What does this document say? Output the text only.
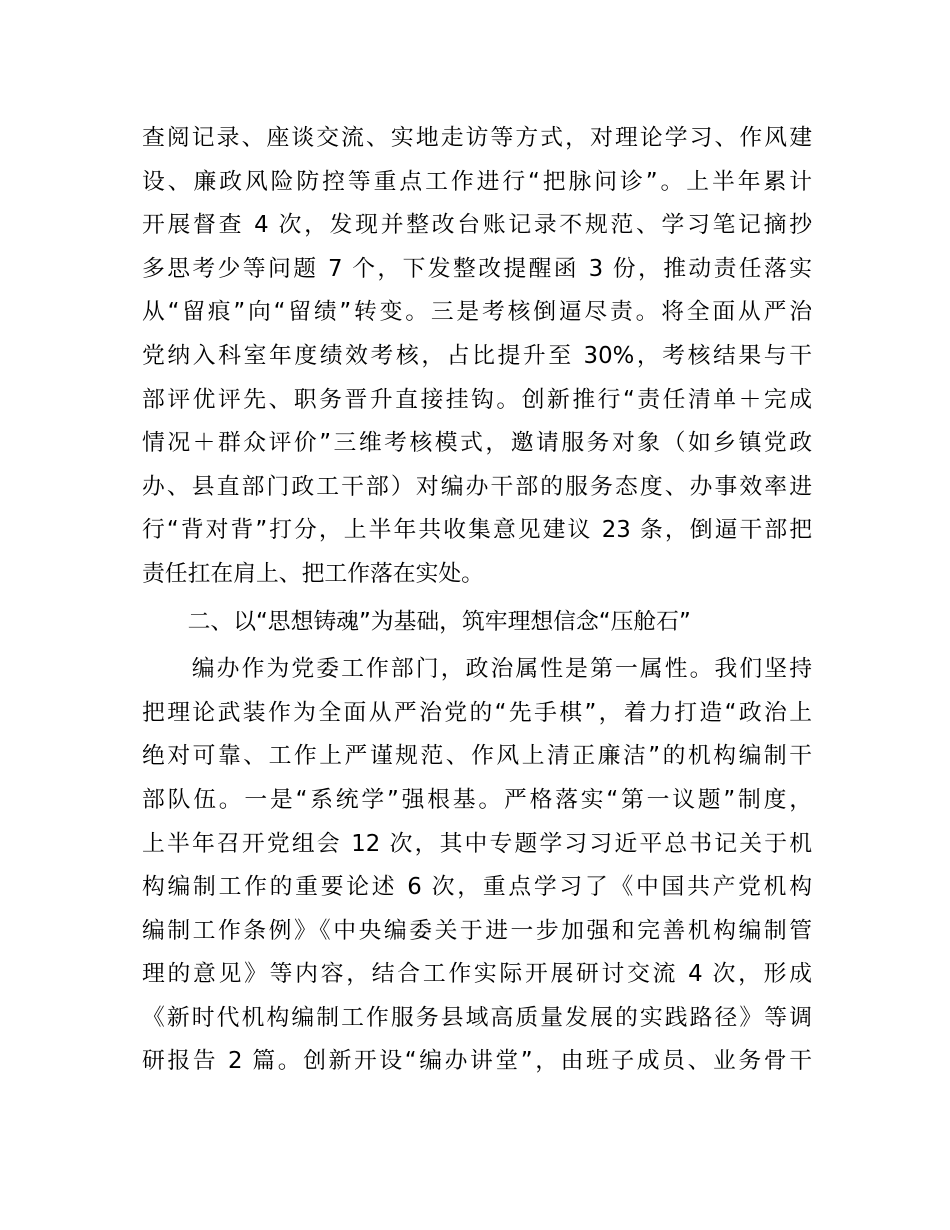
查阅记录、座谈交流、实地走访等方式，对理论学习、作风建
设、廉政风险防控等重点工作进行“把脉问诊”。上半年累计
开展督查 4 次，发现并整改台账记录不规范、学习笔记摘抄
多思考少等问题 7 个，下发整改提醒函 3 份，推动责任落实
从“留痕”向“留绩”转变。三是考核倒逼尽责。将全面从严治
党纳入科室年度绩效考核，占比提升至 30%，考核结果与干
部评优评先、职务晋升直接挂钩。创新推行“责任清单＋完成
情况＋群众评价”三维考核模式，邀请服务对象（如乡镇党政
办、县直部门政工干部）对编办干部的服务态度、办事效率进
行“背对背”打分，上半年共收集意见建议 23 条，倒逼干部把
责任扛在肩上、把工作落在实处。
　　二、以“思想铸魂”为基础，筑牢理想信念“压舱石”
　　编办作为党委工作部门，政治属性是第一属性。我们坚持
把理论武装作为全面从严治党的“先手棋”，着力打造“政治上
绝对可靠、工作上严谨规范、作风上清正廉洁”的机构编制干
部队伍。一是“系统学”强根基。严格落实“第一议题”制度，
上半年召开党组会 12 次，其中专题学习习近平总书记关于机
构编制工作的重要论述 6 次，重点学习了《中国共产党机构
编制工作条例》《中央编委关于进一步加强和完善机构编制管
理的意见》等内容，结合工作实际开展研讨交流 4 次，形成
《新时代机构编制工作服务县域高质量发展的实践路径》等调
研报告 2 篇。创新开设“编办讲堂”，由班子成员、业务骨干
